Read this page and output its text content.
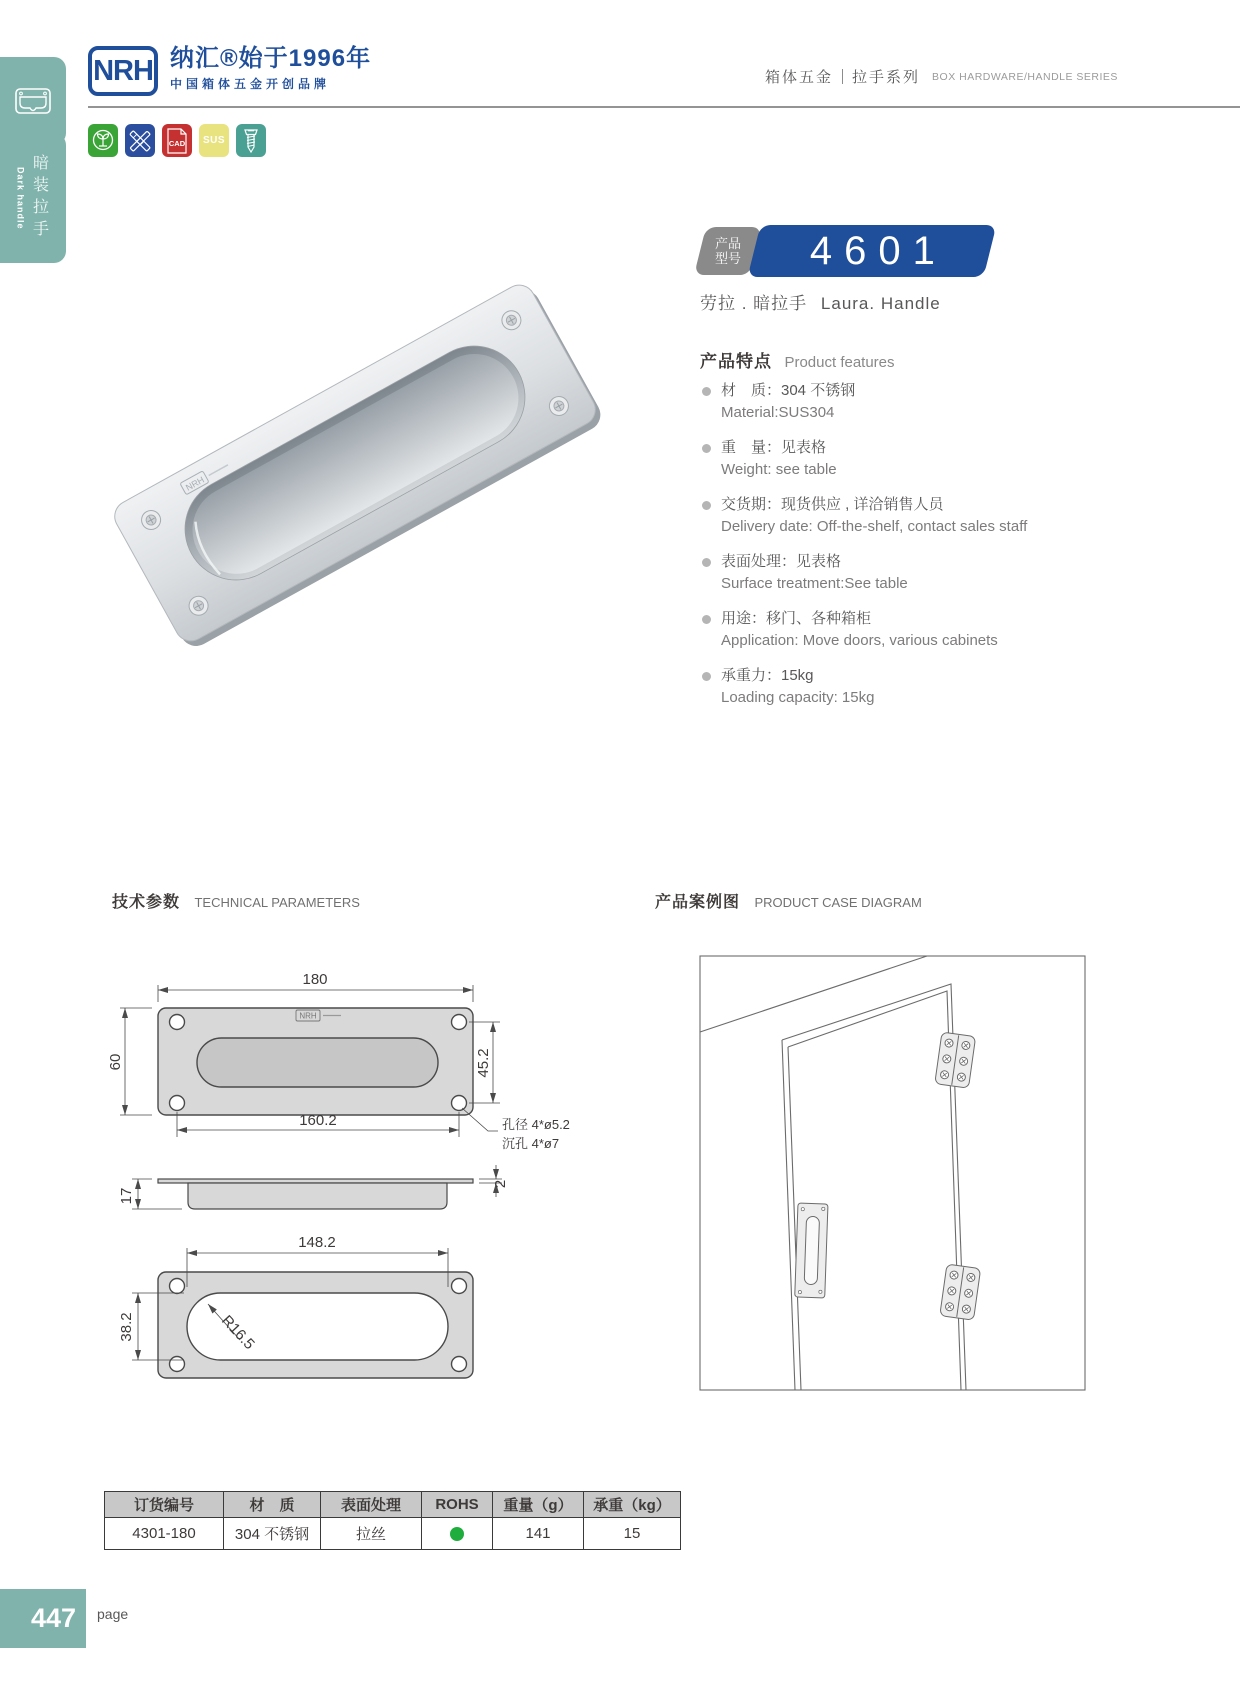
Dark handle 暗装拉手
NRH 纳汇®始于1996年
中国箱体五金开创品牌	箱体五金 拉手系列 BOX HARDWARE/HANDLE SERIES
CAD SUS
NRH
产品
型号	4601
劳拉 . 暗拉手 Laura. Handle
产品特点 Product features
材　质：304 不锈钢
Material:SUS304
重　量：见表格
Weight: see table
交货期：现货供应 , 详洽销售人员
Delivery date: Off-the-shelf, contact sales staff
表面处理：见表格
Surface treatment:See table
用途：移门、各种箱柜
Application: Move doors, various cabinets
承重力：15kg
Loading capacity: 15kg
技术参数 TECHNICAL PARAMETERS	产品案例图 PRODUCT CASE DIAGRAM
NRH
180
60	45.2
160.2	孔径 4*ø5.2
沉孔 4*ø7
17
2
148.2
38.2	R16.5
订货编号	材　质	表面处理	ROHS	重量（g）	承重（kg）
4301-180	304 不锈钢	拉丝		141	15
447 page
